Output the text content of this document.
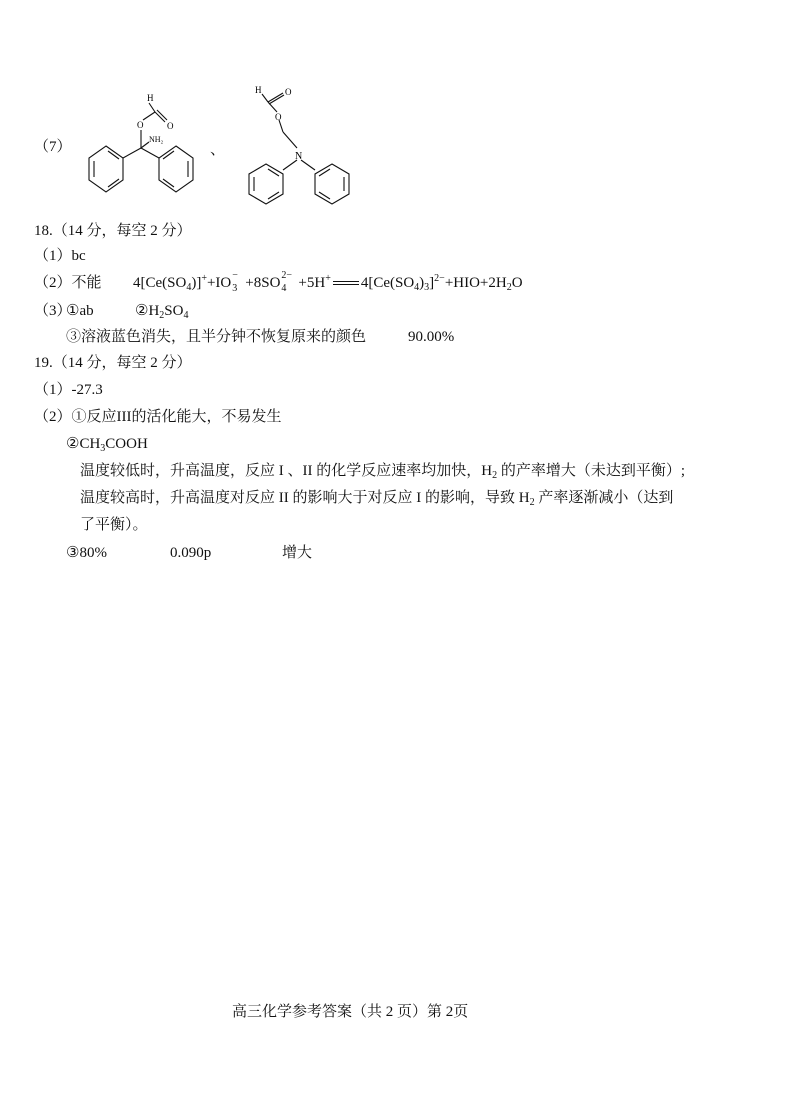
（7）
H
O	O
NH₂
、
H	O
O
N
18.（14 分，每空 2 分）
（1）bc
（2）不能 $4[Ce(SO_4)]^++IO$ −
3 +8SO 2−
4 +5H+ $4[Ce(SO_4)_3]^{2-}+HIO+2H_2O$
（3）
①ab	$②H_2SO_4$
③溶液蓝色消失，且半分钟不恢复原来的颜色	90.00%
19.（14 分，每空 2 分）
（1）-27.3
（2）①反应III的活化能大，不易发生
$②CH_3COOH$
温度较低时，升高温度，反应 I 、II 的化学反应速率均加快，$H_2$ 的产率增大（未达到平衡）;
温度较高时，升高温度对反应 II 的影响大于对反应 I 的影响，导致 $H_2$ 产率逐渐减小（达到
了平衡）。
③80%	0.090p	增大
高三化学参考答案（共 2 页）第 2页
